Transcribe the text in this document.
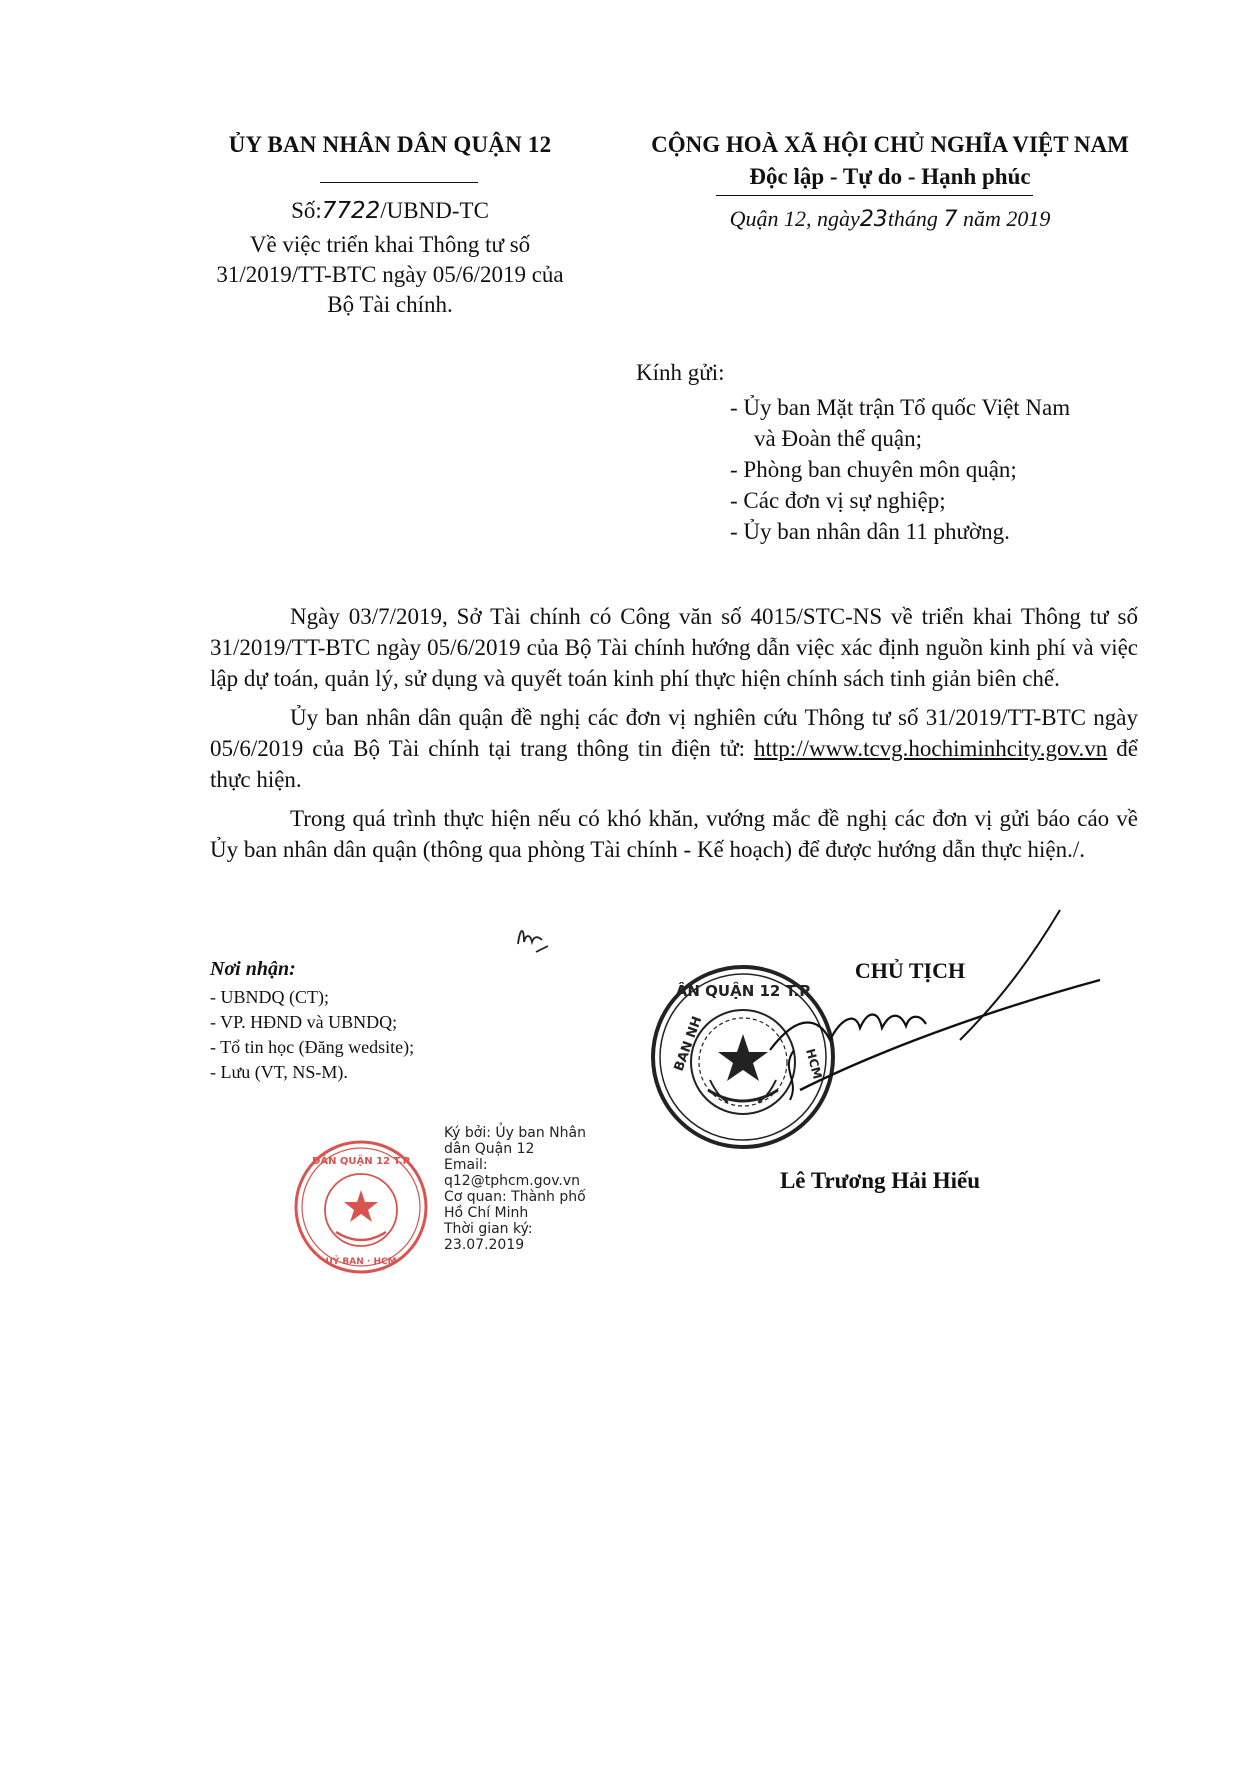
ỦY BAN NHÂN DÂN QUẬN 12
Số:7722/UBND-TC
Về việc triển khai Thông tư số
31/2019/TT-BTC ngày 05/6/2019 của
Bộ Tài chính.
CỘNG HOÀ XÃ HỘI CHỦ NGHĨA VIỆT NAM
Độc lập - Tự do - Hạnh phúc
Quận 12, ngày23tháng 7 năm 2019
Kính gửi:
- Ủy ban Mặt trận Tổ quốc Việt Nam
và Đoàn thể quận;
- Phòng ban chuyên môn quận;
- Các đơn vị sự nghiệp;
- Ủy ban nhân dân 11 phường.

Ngày 03/7/2019, Sở Tài chính có Công văn số 4015/STC-NS về triển khai Thông tư số 31/2019/TT-BTC ngày 05/6/2019 của Bộ Tài chính hướng dẫn việc xác định nguồn kinh phí và việc lập dự toán, quản lý, sử dụng và quyết toán kinh phí thực hiện chính sách tinh giản biên chế.

Ủy ban nhân dân quận đề nghị các đơn vị nghiên cứu Thông tư số 31/2019/TT-BTC ngày 05/6/2019 của Bộ Tài chính tại trang thông tin điện tử: http://www.tcvg.hochiminhcity.gov.vn để thực hiện.

Trong quá trình thực hiện nếu có khó khăn, vướng mắc đề nghị các đơn vị gửi báo cáo về Ủy ban nhân dân quận (thông qua phòng Tài chính - Kế hoạch) để được hướng dẫn thực hiện./.

Nơi nhận:
- UBNDQ (CT);
- VP. HĐND và UBNDQ;
- Tổ tin học (Đăng wedsite);
- Lưu (VT, NS-M).
CHỦ TỊCH
ÂN QUẬN 12 T.P
BAN NH	HCM
Lê Trương Hải Hiếu
DÂN QUẬN 12 T.P
UỶ BAN · HCM
Ký bởi: Ủy ban Nhân
dân Quận 12
Email:
q12@tphcm.gov.vn
Cơ quan: Thành phố
Hồ Chí Minh
Thời gian ký:
23.07.2019
